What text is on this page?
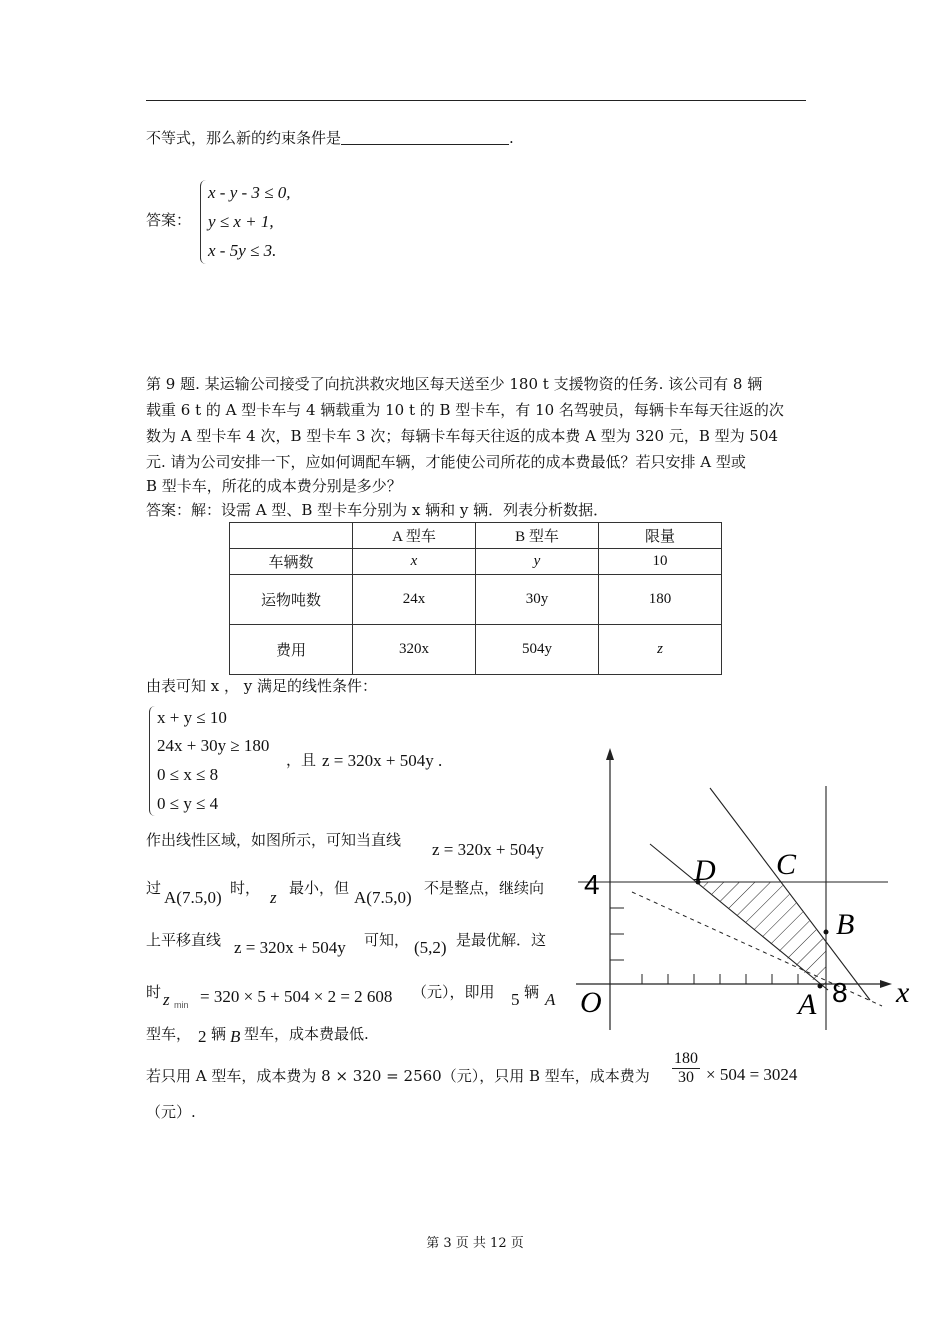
不等式，那么新的约束条件是	.
答案：
x - y - 3 ≤ 0,
y ≤ x + 1,
x - 5y ≤ 3.
第 9 题. 某运输公司接受了向抗洪救灾地区每天送至少 180 t 支援物资的任务. 该公司有 8 辆
载重 6 t 的 A 型卡车与 4 辆载重为 10 t 的 B 型卡车，有 10 名驾驶员，每辆卡车每天往返的次
数为 A 型卡车 4 次，B 型卡车 3 次；每辆卡车每天往返的成本费 A 型为 320 元，B 型为 504
元. 请为公司安排一下，应如何调配车辆，才能使公司所花的成本费最低？若只安排 A 型或
B 型卡车，所花的成本费分别是多少？
答案：解：设需 A 型、B 型卡车分别为 x 辆和 y 辆．列表分析数据．
	A 型车	B 型车	限量
车辆数	x	y	10
运物吨数	24x	30y	180
费用	320x	504y	z
由表可知 x ， y 满足的线性条件：
x + y ≤ 10
24x + 30y ≥ 180
0 ≤ x ≤ 8
0 ≤ y ≤ 4
，且 z = 320x + 504y .
作出线性区域，如图所示，可知当直线 z = 320x + 504y
过 A(7.5,0) 时， z 最小，但 A(7.5,0) 不是整点，继续向
上平移直线 z = 320x + 504y 可知， (5,2) 是最优解．这
时 z min = 320 × 5 + 504 × 2 = 2 608 （元），即用 5 辆 A
型车， 2 辆 B 型车，成本费最低.
若只用 A 型车，成本费为 8 × 320 = 2560（元），只用 B 型车，成本费为 $\frac{180}{30} \times 504 = 3024$
（元）.
D C
B
A
O	x
4
8
第 3 页 共 12 页
